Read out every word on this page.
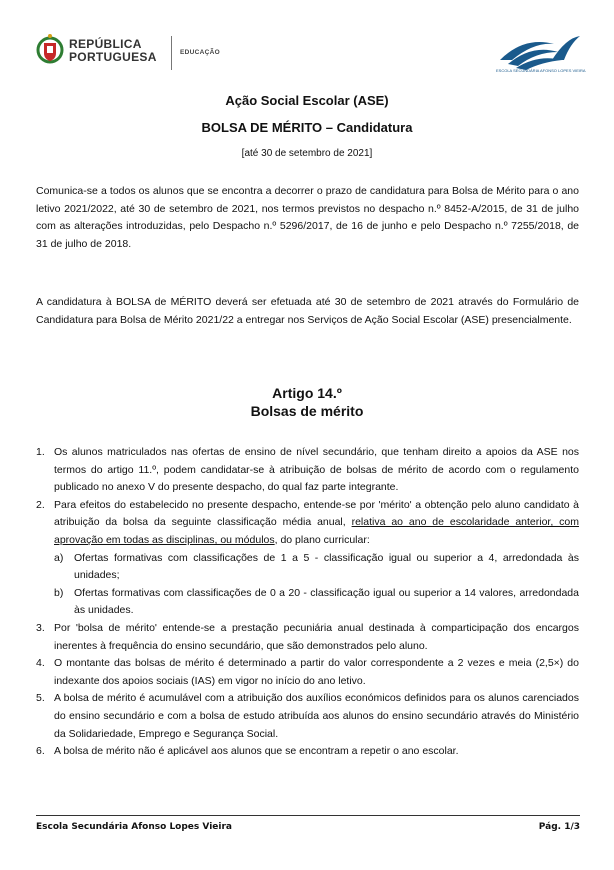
REPÚBLICA
PORTUGUESA	EDUCAÇÃO
ESCOLA SECUNDÁRIA AFONSO LOPES VIEIRA
Ação Social Escolar (ASE)
BOLSA DE MÉRITO – Candidatura
[até 30 de setembro de 2021]
Comunica-se a todos os alunos que se encontra a decorrer o prazo de candidatura para Bolsa de Mérito para o ano letivo 2021/2022, até 30 de setembro de 2021, nos termos previstos no despacho n.º 8452-A/2015, de 31 de julho com as alterações introduzidas, pelo Despacho n.º 5296/2017, de 16 de junho e pelo Despacho n.º 7255/2018, de 31 de julho de 2018.
A candidatura à BOLSA de MÉRITO deverá ser efetuada até 30 de setembro de 2021 através do Formulário de Candidatura para Bolsa de Mérito 2021/22 a entregar nos Serviços de Ação Social Escolar (ASE) presencialmente.
Artigo 14.º
Bolsas de mérito
1. Os alunos matriculados nas ofertas de ensino de nível secundário, que tenham direito a apoios da ASE nos termos do artigo 11.º, podem candidatar-se à atribuição de bolsas de mérito de acordo com o regulamento publicado no anexo V do presente despacho, do qual faz parte integrante.
2. Para efeitos do estabelecido no presente despacho, entende-se por 'mérito' a obtenção pelo aluno candidato à atribuição da bolsa da seguinte classificação média anual, relativa ao ano de escolaridade anterior, com aprovação em todas as disciplinas, ou módulos, do plano curricular:
a) Ofertas formativas com classificações de 1 a 5 - classificação igual ou superior a 4, arredondada às unidades;
b) Ofertas formativas com classificações de 0 a 20 - classificação igual ou superior a 14 valores, arredondada às unidades.
3. Por 'bolsa de mérito' entende-se a prestação pecuniária anual destinada à comparticipação dos encargos inerentes à frequência do ensino secundário, que são demonstrados pelo aluno.
4. O montante das bolsas de mérito é determinado a partir do valor correspondente a 2 vezes e meia (2,5×) do indexante dos apoios sociais (IAS) em vigor no início do ano letivo.
5. A bolsa de mérito é acumulável com a atribuição dos auxílios económicos definidos para os alunos carenciados do ensino secundário e com a bolsa de estudo atribuída aos alunos do ensino secundário através do Ministério da Solidariedade, Emprego e Segurança Social.
6. A bolsa de mérito não é aplicável aos alunos que se encontram a repetir o ano escolar.
Escola Secundária Afonso Lopes Vieira	Pág. 1/3
